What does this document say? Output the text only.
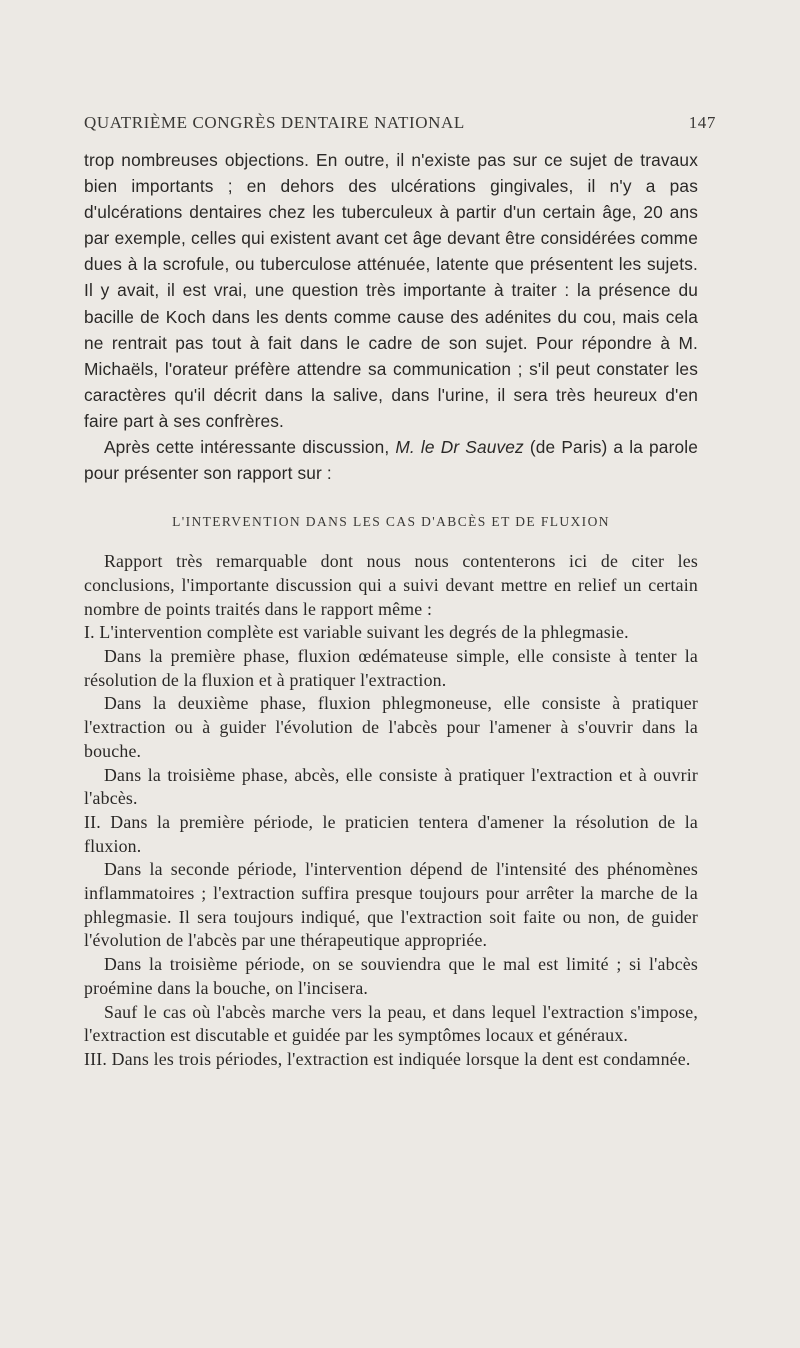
QUATRIÈME CONGRÈS DENTAIRE NATIONAL	147

trop nombreuses objections. En outre, il n'existe pas sur ce sujet de travaux bien importants ; en dehors des ulcérations gingivales, il n'y a pas d'ulcérations dentaires chez les tuberculeux à partir d'un certain âge, 20 ans par exemple, celles qui existent avant cet âge devant être considérées comme dues à la scrofule, ou tuberculose atténuée, latente que présentent les sujets. Il y avait, il est vrai, une question très importante à traiter : la présence du bacille de Koch dans les dents comme cause des adénites du cou, mais cela ne rentrait pas tout à fait dans le cadre de son sujet. Pour répondre à M. Michaëls, l'orateur préfère attendre sa communication ; s'il peut constater les caractères qu'il décrit dans la salive, dans l'urine, il sera très heureux d'en faire part à ses confrères.

Après cette intéressante discussion, M. le Dr Sauvez (de Paris) a la parole pour présenter son rapport sur :

L'INTERVENTION DANS LES CAS D'ABCÈS ET DE FLUXION

Rapport très remarquable dont nous nous contenterons ici de citer les conclusions, l'importante discussion qui a suivi devant mettre en relief un certain nombre de points traités dans le rapport même :

I. L'intervention complète est variable suivant les degrés de la phlegmasie.

Dans la première phase, fluxion œdémateuse simple, elle consiste à tenter la résolution de la fluxion et à pratiquer l'extraction.

Dans la deuxième phase, fluxion phlegmoneuse, elle consiste à pratiquer l'extraction ou à guider l'évolution de l'abcès pour l'amener à s'ouvrir dans la bouche.

Dans la troisième phase, abcès, elle consiste à pratiquer l'extraction et à ouvrir l'abcès.

II. Dans la première période, le praticien tentera d'amener la résolution de la fluxion.

Dans la seconde période, l'intervention dépend de l'intensité des phénomènes inflammatoires ; l'extraction suffira presque toujours pour arrêter la marche de la phlegmasie. Il sera toujours indiqué, que l'extraction soit faite ou non, de guider l'évolution de l'abcès par une thérapeutique appropriée.

Dans la troisième période, on se souviendra que le mal est limité ; si l'abcès proémine dans la bouche, on l'incisera.

Sauf le cas où l'abcès marche vers la peau, et dans lequel l'extraction s'impose, l'extraction est discutable et guidée par les symptômes locaux et généraux.

III. Dans les trois périodes, l'extraction est indiquée lorsque la dent est condamnée.
